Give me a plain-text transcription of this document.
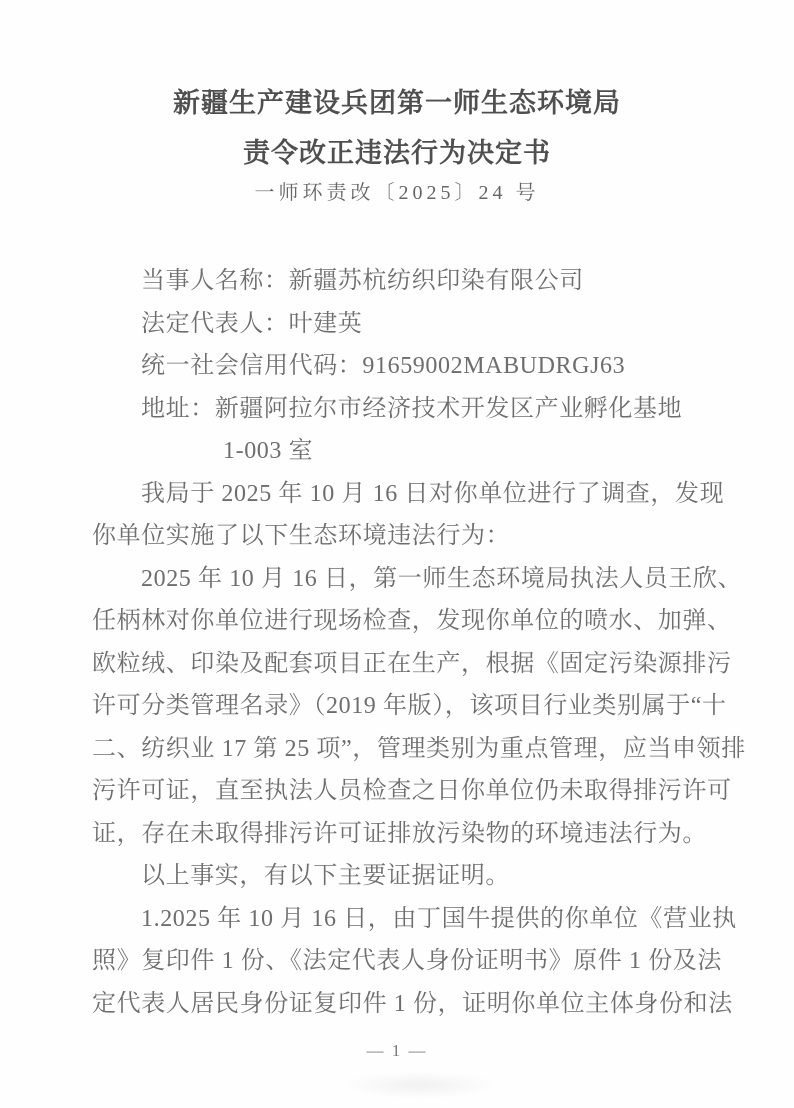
新疆生产建设兵团第一师生态环境局
责令改正违法行为决定书
一师环责改〔2025〕24 号
当事人名称：新疆苏杭纺织印染有限公司
法定代表人：叶建英
统一社会信用代码：91659002MABUDRGJ63
地址：新疆阿拉尔市经济技术开发区产业孵化基地
1-003 室
我局于 2025 年 10 月 16 日对你单位进行了调查，发现
你单位实施了以下生态环境违法行为：
2025 年 10 月 16 日，第一师生态环境局执法人员王欣、
任柄林对你单位进行现场检查，发现你单位的喷水、加弹、
欧粒绒、印染及配套项目正在生产，根据《固定污染源排污
许可分类管理名录》（2019 年版），该项目行业类别属于“十
二、纺织业 17 第 25 项”，管理类别为重点管理，应当申领排
污许可证，直至执法人员检查之日你单位仍未取得排污许可
证，存在未取得排污许可证排放污染物的环境违法行为。
以上事实，有以下主要证据证明。
1.2025 年 10 月 16 日，由丁国牛提供的你单位《营业执
照》复印件 1 份、《法定代表人身份证明书》原件 1 份及法
定代表人居民身份证复印件 1 份，证明你单位主体身份和法
— 1 —
